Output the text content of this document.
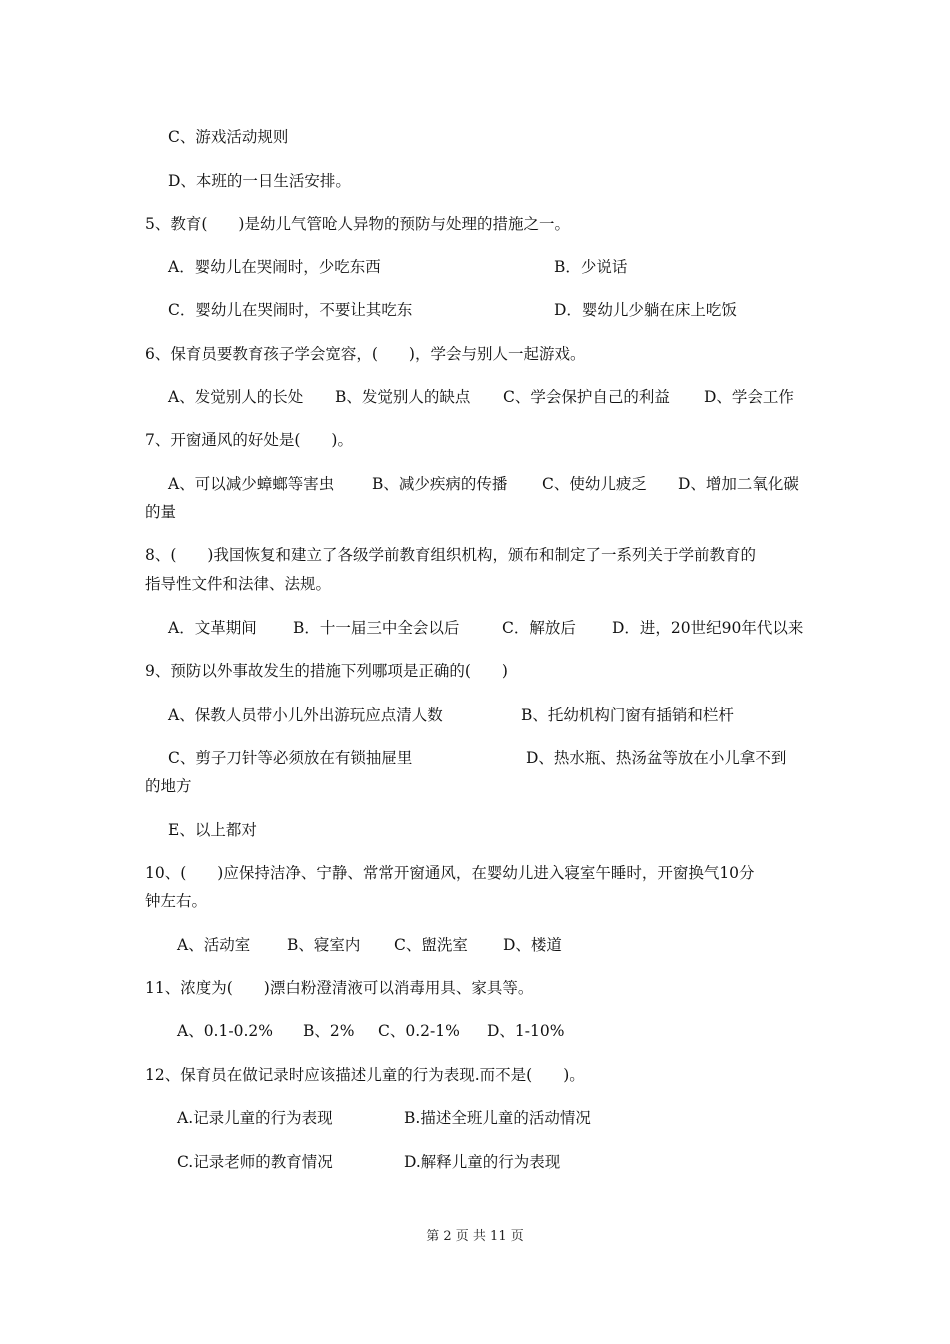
C、游戏活动规则
D、本班的一日生活安排。
5、教育(　　)是幼儿气管呛人异物的预防与处理的措施之一。
A．婴幼儿在哭闹时，少吃东西	B．少说话
C．婴幼儿在哭闹时，不要让其吃东	D．婴幼儿少躺在床上吃饭
6、保育员要教育孩子学会宽容，(　　)，学会与别人一起游戏。
A、发觉别人的长处 B、发觉别人的缺点 C、学会保护自己的利益 D、学会工作
7、开窗通风的好处是(　　)。
A、可以减少蟑螂等害虫 B、减少疾病的传播 C、使幼儿疲乏 D、增加二氧化碳
的量
8、(　　)我国恢复和建立了各级学前教育组织机构，颁布和制定了一系列关于学前教育的
指导性文件和法律、法规。
A．文革期间 B．十一届三中全会以后	C．解放后 D．进，20世纪90年代以来
9、预防以外事故发生的措施下列哪项是正确的(　　)
A、保教人员带小儿外出游玩应点清人数	B、托幼机构门窗有插销和栏杆
C、剪子刀针等必须放在有锁抽屉里	D、热水瓶、热汤盆等放在小儿拿不到
的地方
E、以上都对
10、(　　)应保持洁净、宁静、常常开窗通风，在婴幼儿进入寝室午睡时，开窗换气10分
钟左右。
A、活动室 B、寝室内 C、盥洗室 D、楼道
11、浓度为(　　)漂白粉澄清液可以消毒用具、家具等。
A、0.1-0.2% B、2% C、0.2-1% D、1-10%
12、保育员在做记录时应该描述儿童的行为表现.而不是(　　)。
A.记录儿童的行为表现	B.描述全班儿童的活动情况
C.记录老师的教育情况	D.解释儿童的行为表现
第 2 页 共 11 页
